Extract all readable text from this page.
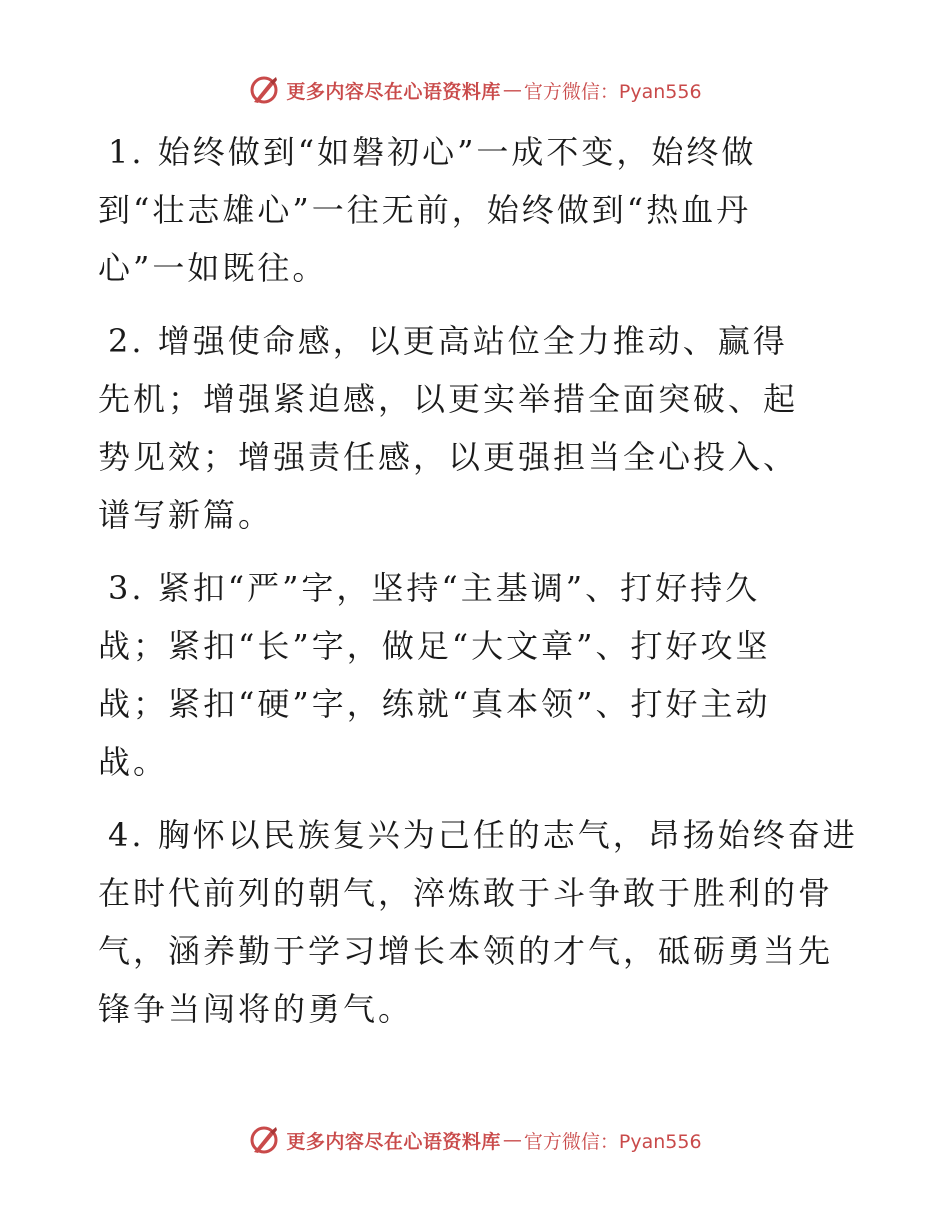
更多内容尽在心语资料库 — 官方微信：Pyan556

1. 始终做到“如磐初心”一成不变，始终做到“壮志雄心”一往无前，始终做到“热血丹心”一如既往。

2. 增强使命感，以更高站位全力推动、赢得先机；增强紧迫感，以更实举措全面突破、起势见效；增强责任感，以更强担当全心投入、谱写新篇。

3. 紧扣“严”字，坚持“主基调”、打好持久战；紧扣“长”字，做足“大文章”、打好攻坚战；紧扣“硬”字，练就“真本领”、打好主动战。

4. 胸怀以民族复兴为己任的志气，昂扬始终奋进在时代前列的朝气，淬炼敢于斗争敢于胜利的骨气，涵养勤于学习增长本领的才气，砥砺勇当先锋争当闯将的勇气。

更多内容尽在心语资料库 — 官方微信：Pyan556
